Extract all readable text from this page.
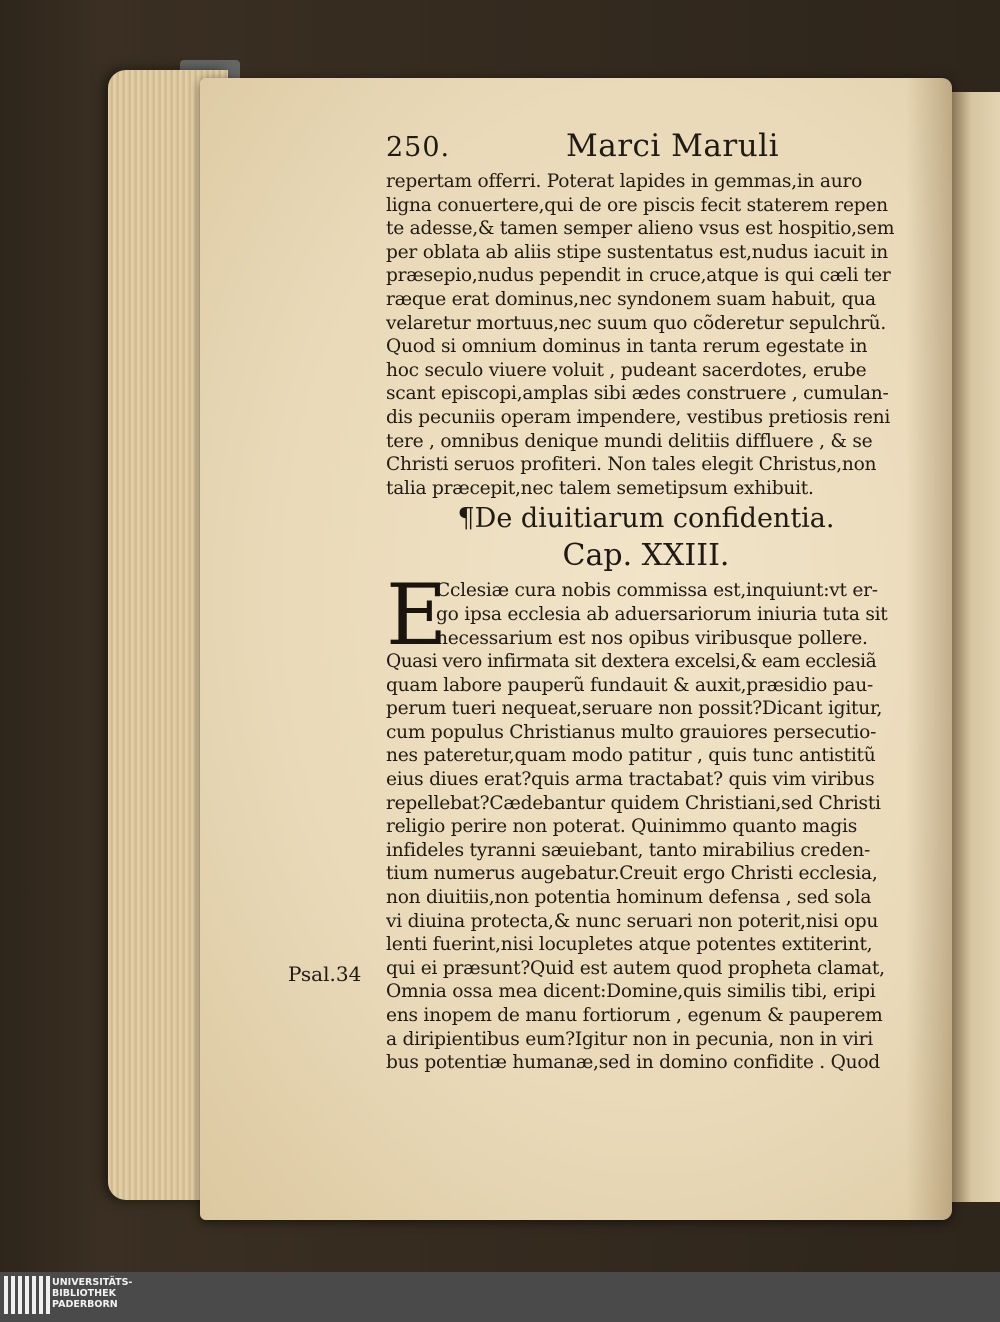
250.	Marci Maruli
repertam offerri. Poterat lapides in gemmas,in auro
ligna conuertere,qui de ore piscis fecit staterem repen
te adesse,& tamen semper alieno vsus est hospitio,sem
per oblata ab aliis stipe sustentatus est,nudus iacuit in
præsepio,nudus pependit in cruce,atque is qui cæli ter
ræque erat dominus,nec syndonem suam habuit, qua
velaretur mortuus,nec suum quo cõderetur sepulchrũ.
Quod si omnium dominus in tanta rerum egestate in
hoc seculo viuere voluit , pudeant sacerdotes, erube
scant episcopi,amplas sibi ædes construere , cumulan-
dis pecuniis operam impendere, vestibus pretiosis reni
tere , omnibus denique mundi delitiis diffluere , & se
Christi seruos profiteri. Non tales elegit Christus,non
talia præcepit,nec talem semetipsum exhibuit.
¶De diuitiarum confidentia.
Cap. XXIII.
E
Cclesiæ cura nobis commissa est,inquiunt:vt er-
go ipsa ecclesia ab aduersariorum iniuria tuta sit
necessarium est nos opibus viribusque pollere.
Quasi vero infirmata sit dextera excelsi,& eam ecclesiã
quam labore pauperũ fundauit & auxit,præsidio pau-
perum tueri nequeat,seruare non possit?Dicant igitur,
cum populus Christianus multo grauiores persecutio-
nes pateretur,quam modo patitur , quis tunc antistitũ
eius diues erat?quis arma tractabat? quis vim viribus
repellebat?Cædebantur quidem Christiani,sed Christi
religio perire non poterat. Quinimmo quanto magis
infideles tyranni sæuiebant, tanto mirabilius creden-
tium numerus augebatur.Creuit ergo Christi ecclesia,
non diuitiis,non potentia hominum defensa , sed sola
vi diuina protecta,& nunc seruari non poterit,nisi opu
lenti fuerint,nisi locupletes atque potentes extiterint,
qui ei præsunt?Quid est autem quod propheta clamat,
Omnia ossa mea dicent:Domine,quis similis tibi, eripi
ens inopem de manu fortiorum , egenum & pauperem
a diripientibus eum?Igitur non in pecunia, non in viri
bus potentiæ humanæ,sed in domino confidite . Quod
Psal.34
UNIVERSITÄTS-
BIBLIOTHEK
PADERBORN
